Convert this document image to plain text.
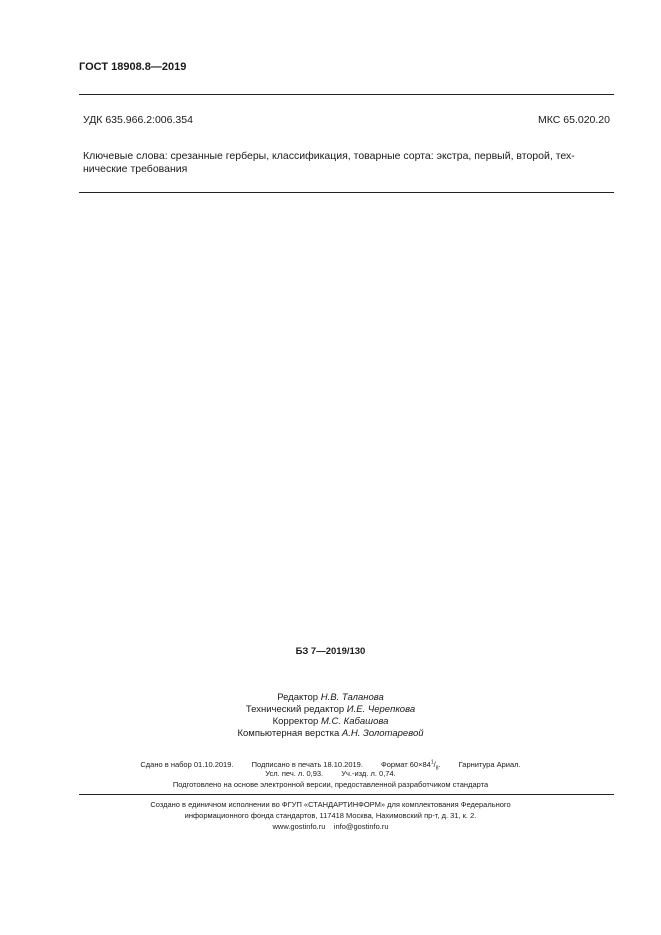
ГОСТ 18908.8—2019
УДК 635.966.2:006.354	МКС 65.020.20
Ключевые слова: срезанные герберы, классификация, товарные сорта: экстра, первый, второй, тех-
нические требования
БЗ 7—2019/130
Редактор Н.В. Таланова
Технический редактор И.Е. Черепкова
Корректор М.С. Кабашова
Компьютерная верстка А.Н. Золотаревой
Сдано в набор 01.10.2019. Подписано в печать 18.10.2019. Формат $60\times 84^1/_8$. Гарнитура Ариал.
Усл. печ. л. 0,93. Уч.-изд. л. 0,74.
Подготовлено на основе электронной версии, предоставленной разработчиком стандарта
Создано в единичном исполнении во ФГУП «СТАНДАРТИНФОРМ» для комплектования Федерального
информационного фонда стандартов, 117418 Москва, Нахимовский пр-т, д. 31, к. 2.
www.gostinfo.ru info@gostinfo.ru
